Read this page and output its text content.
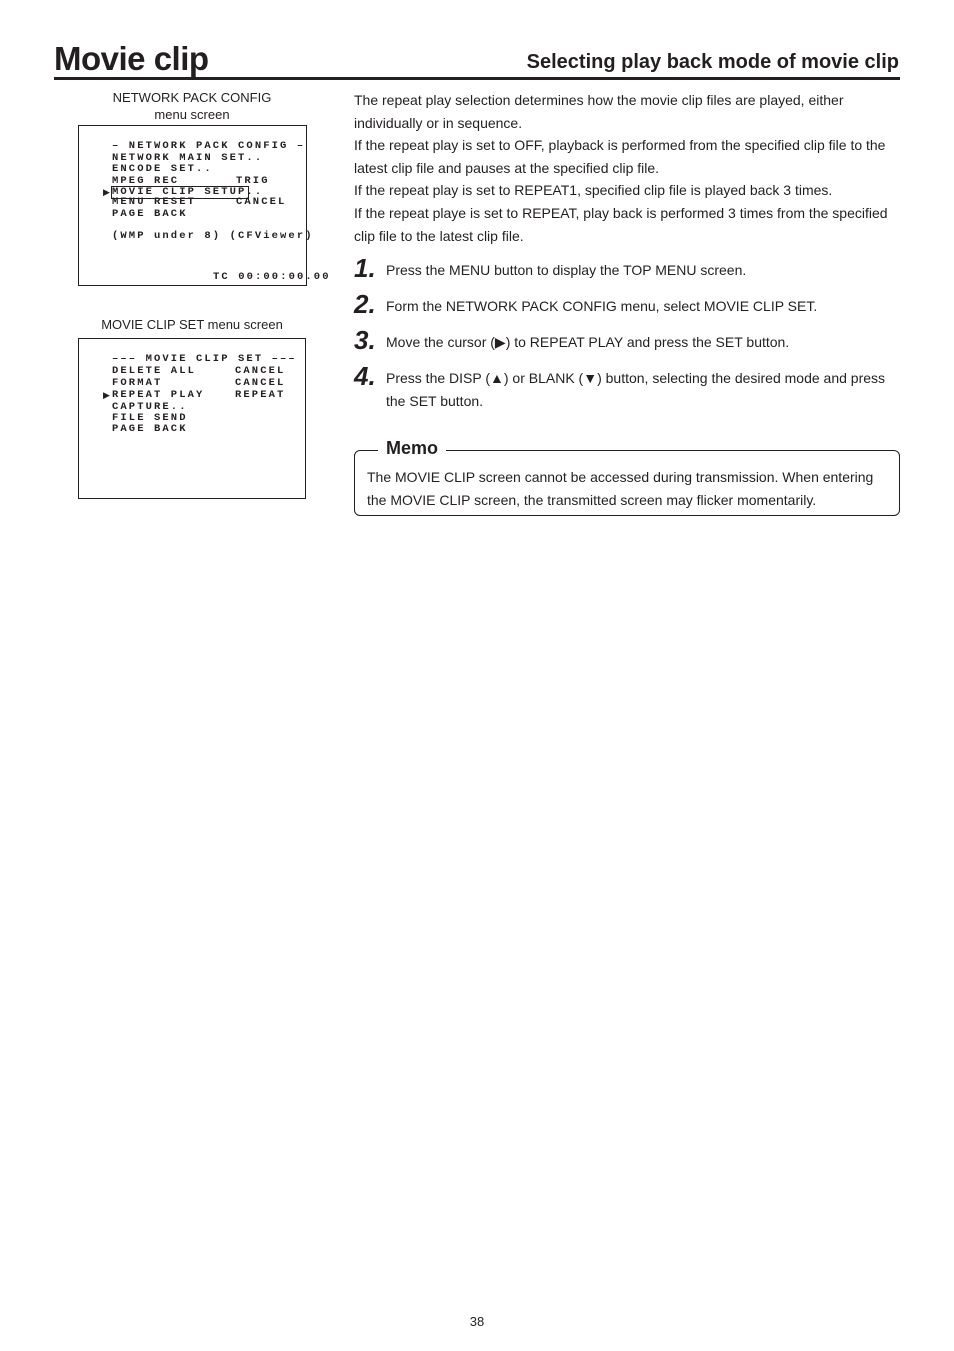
Movie clip	Selecting play back mode of movie clip
NETWORK PACK CONFIG
menu screen
– NETWORK PACK CONFIG –
NETWORK MAIN SET..
ENCODE SET..
MPEG REC	TRIG
▶ MOVIE CLIP SETUP..
MENU RESET	CANCEL
PAGE BACK
(WMP under 8) (CFViewer)
TC 00:00:00.00
MOVIE CLIP SET menu screen
––– MOVIE CLIP SET –––
DELETE ALL	CANCEL
FORMAT	CANCEL
▶ REPEAT PLAY	REPEAT
CAPTURE..
FILE SEND
PAGE BACK

The repeat play selection determines how the movie clip files are played, either individually or in sequence.

If the repeat play is set to OFF, playback is performed from the specified clip file to the latest clip file and pauses at the specified clip file.

If the repeat play is set to REPEAT1, specified clip file is played back 3 times.

If the repeat playe is set to REPEAT, play back is performed 3 times from the specified clip file to the latest clip file.

1. Press the MENU button to display the TOP MENU screen.
2. Form the NETWORK PACK CONFIG menu, select MOVIE CLIP SET.
3. Move the cursor (▶) to REPEAT PLAY and press the SET button.
4. Press the DISP (▲) or BLANK (▼) button, selecting the desired mode and press the SET button.
Memo
The MOVIE CLIP screen cannot be accessed during transmission. When entering the MOVIE CLIP screen, the transmitted screen may flicker momentarily.
38
